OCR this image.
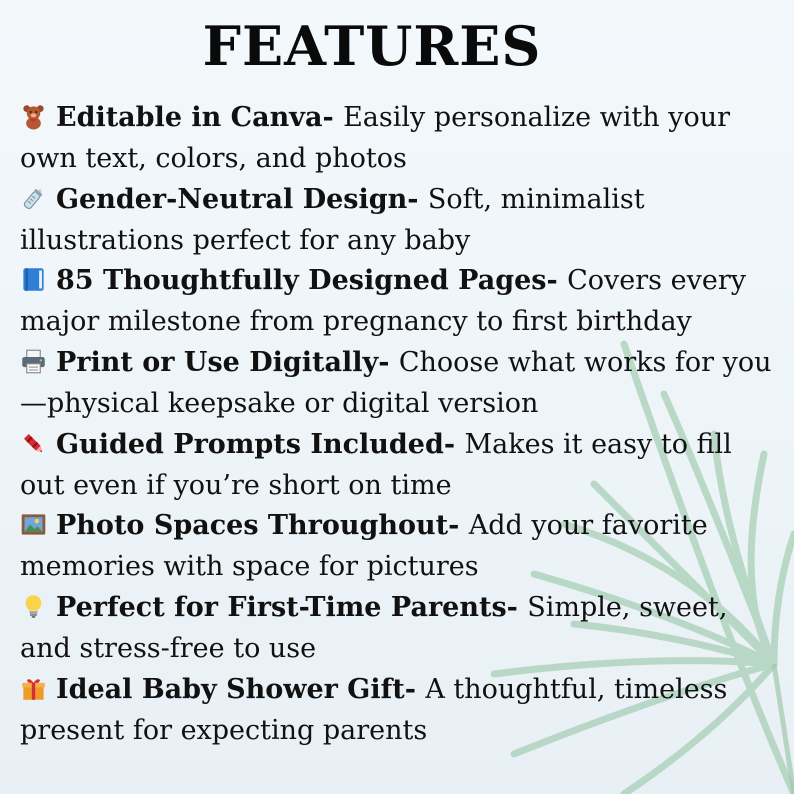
FEATURES
Editable in Canva- Easily personalize with your own text, colors, and photos
Gender-Neutral Design- Soft, minimalist illustrations perfect for any baby
85 Thoughtfully Designed Pages- Covers every major milestone from pregnancy to first birthday
Print or Use Digitally- Choose what works for you—physical keepsake or digital version
Guided Prompts Included- Makes it easy to fill out even if you’re short on time
Photo Spaces Throughout- Add your favorite memories with space for pictures
Perfect for First-Time Parents- Simple, sweet, and stress-free to use
Ideal Baby Shower Gift- A thoughtful, timeless present for expecting parents
